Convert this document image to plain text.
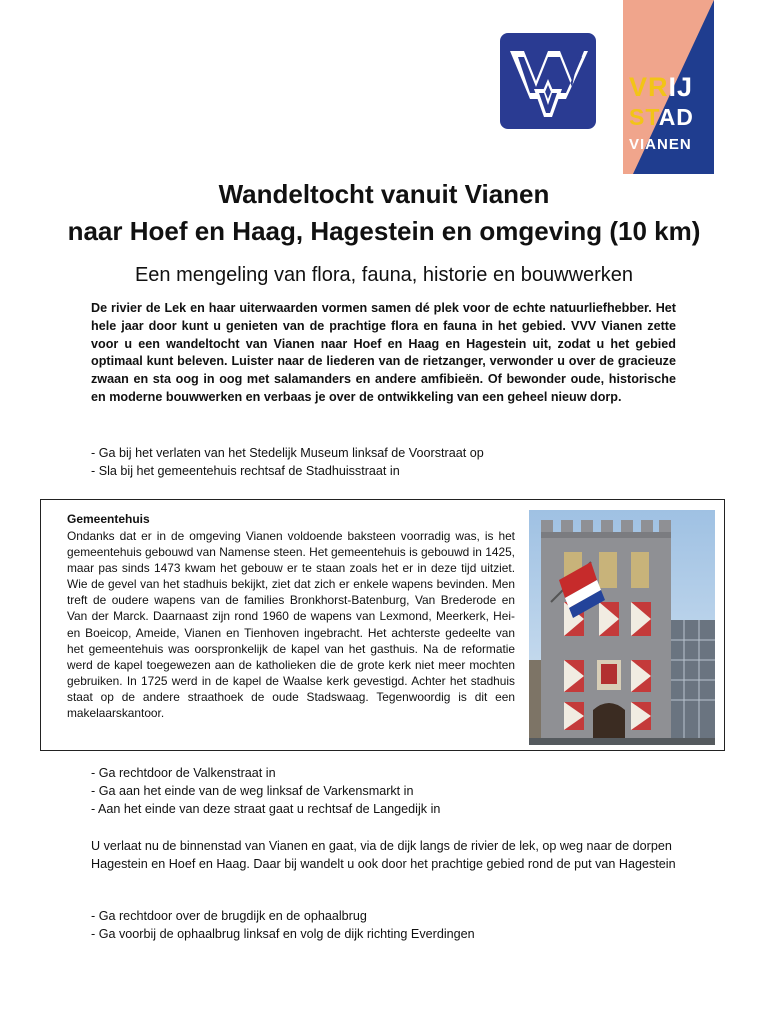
VRIJ
STAD
VIANEN
Wandeltocht vanuit Vianen
naar Hoef en Haag, Hagestein en omgeving (10 km)
Een mengeling van flora, fauna, historie en bouwwerken

De rivier de Lek en haar uiterwaarden vormen samen dé plek voor de echte natuurliefhebber. Het hele jaar door kunt u genieten van de prachtige flora en fauna in het gebied. VVV Vianen zette voor u een wandeltocht van Vianen naar Hoef en Haag en Hagestein uit, zodat u het gebied optimaal kunt beleven. Luister naar de liederen van de rietzanger, verwonder u over de gracieuze zwaan en sta oog in oog met salamanders en andere amfibieën. Of bewonder oude, historische en moderne bouwwerken en verbaas je over de ontwikkeling van een geheel nieuw dorp.

- Ga bij het verlaten van het Stedelijk Museum linksaf de Voorstraat op
- Sla bij het gemeentehuis rechtsaf de Stadhuisstraat in
Gemeentehuis

Ondanks dat er in de omgeving Vianen voldoende baksteen voorradig was, is het gemeentehuis gebouwd van Namense steen. Het gemeentehuis is gebouwd in 1425, maar pas sinds 1473 kwam het gebouw er te staan zoals het er in deze tijd uitziet. Wie de gevel van het stadhuis bekijkt, ziet dat zich er enkele wapens bevinden. Men treft de oudere wapens van de families Bronkhorst-Batenburg, Van Brederode en Van der Marck. Daarnaast zijn rond 1960 de wapens van Lexmond, Meerkerk, Hei-en Boeicop, Ameide, Vianen en Tienhoven ingebracht. Het achterste gedeelte van het gemeentehuis was oorspronkelijk de kapel van het gasthuis. Na de reformatie werd de kapel toegewezen aan de katholieken die de grote kerk niet meer mochten gebruiken. In 1725 werd in de kapel de Waalse kerk gevestigd. Achter het stadhuis staat op de andere straathoek de oude Stadswaag. Tegenwoordig is dit een makelaarskantoor.

- Ga rechtdoor de Valkenstraat in
- Ga aan het einde van de weg linksaf de Varkensmarkt in
- Aan het einde van deze straat gaat u rechtsaf de Langedijk in

U verlaat nu de binnenstad van Vianen en gaat, via de dijk langs de rivier de lek, op weg naar de dorpen Hagestein en Hoef en Haag. Daar bij wandelt u ook door het prachtige gebied rond de put van Hagestein

- Ga rechtdoor over de brugdijk en de ophaalbrug
- Ga voorbij de ophaalbrug linksaf en volg de dijk richting Everdingen
